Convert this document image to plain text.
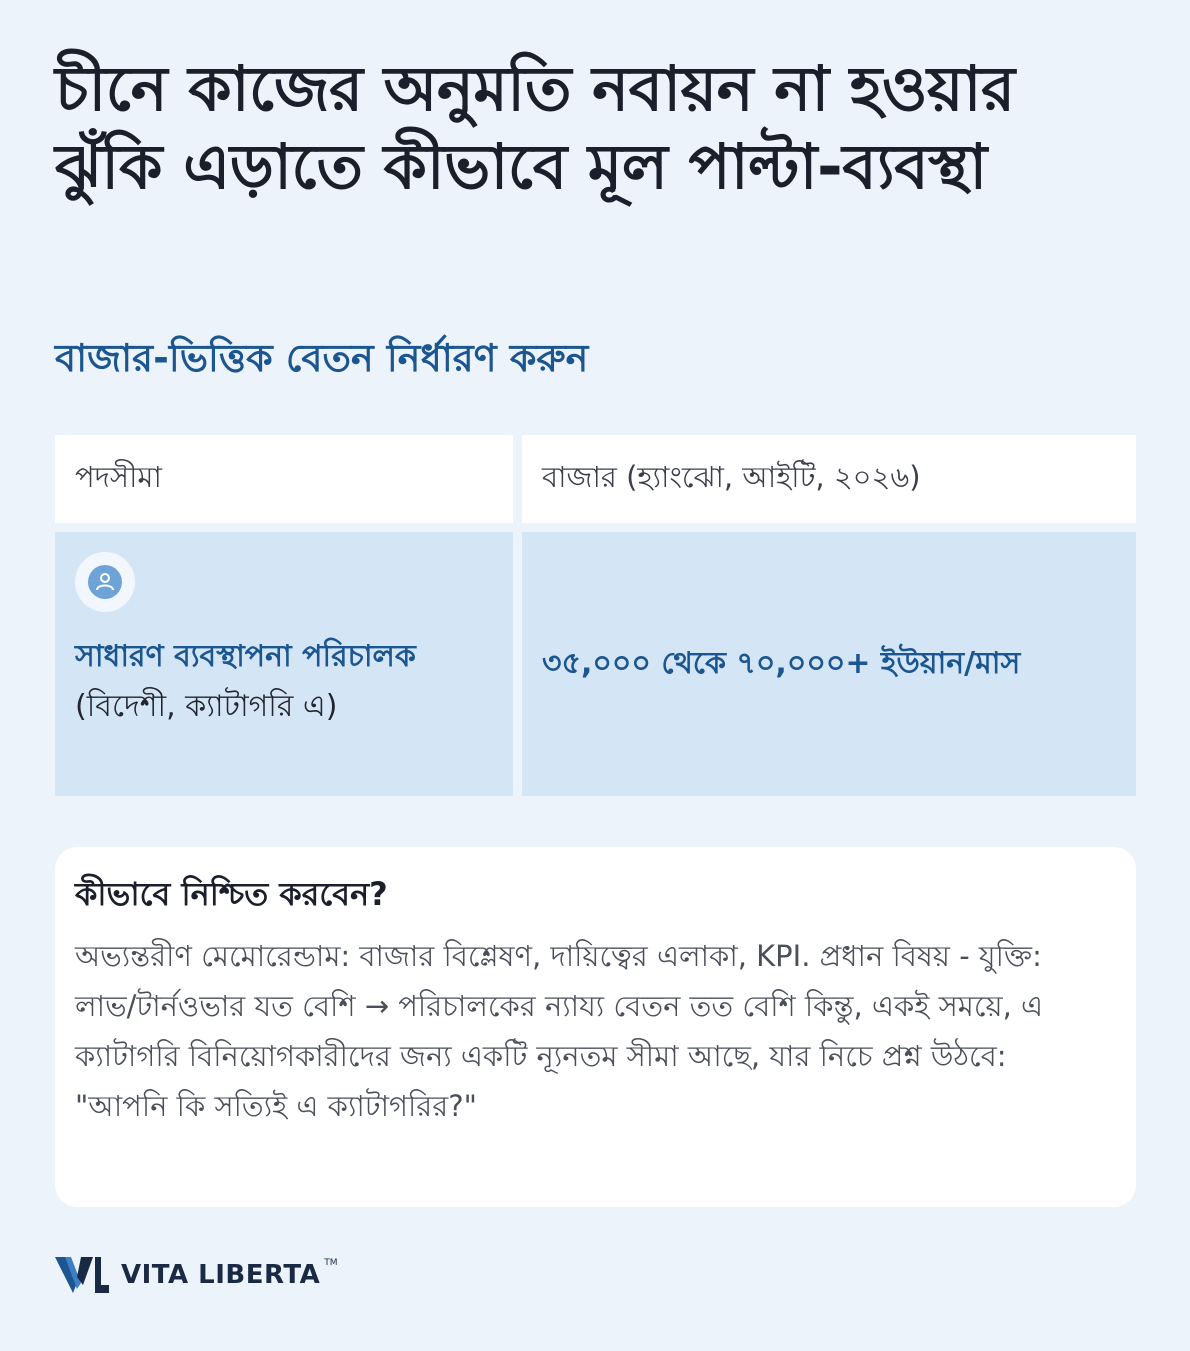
চীনে কাজের অনুমতি নবায়ন না হওয়ার ঝুঁকি এড়াতে কীভাবে মূল পাল্টা-ব্যবস্থা
বাজার-ভিত্তিক বেতন নির্ধারণ করুন
পদসীমা	বাজার (হ্যাংঝো, আইটি, ২০২৬)
সাধারণ ব্যবস্থাপনা পরিচালক (বিদেশী, ক্যাটাগরি এ)
৩৫,০০০ থেকে ৭০,০০০+ ইউয়ান/মাস
কীভাবে নিশ্চিত করবেন?

অভ্যন্তরীণ মেমোরেন্ডাম: বাজার বিশ্লেষণ, দায়িত্বের এলাকা, KPI. প্রধান বিষয় - যুক্তি: লাভ/টার্নওভার যত বেশি → পরিচালকের ন্যায্য বেতন তত বেশি কিন্তু, একই সময়ে, এ ক্যাটাগরি বিনিয়োগকারীদের জন্য একটি ন্যূনতম সীমা আছে, যার নিচে প্রশ্ন উঠবে: "আপনি কি সত্যিই এ ক্যাটাগরির?"

VITA LIBERTA TM
